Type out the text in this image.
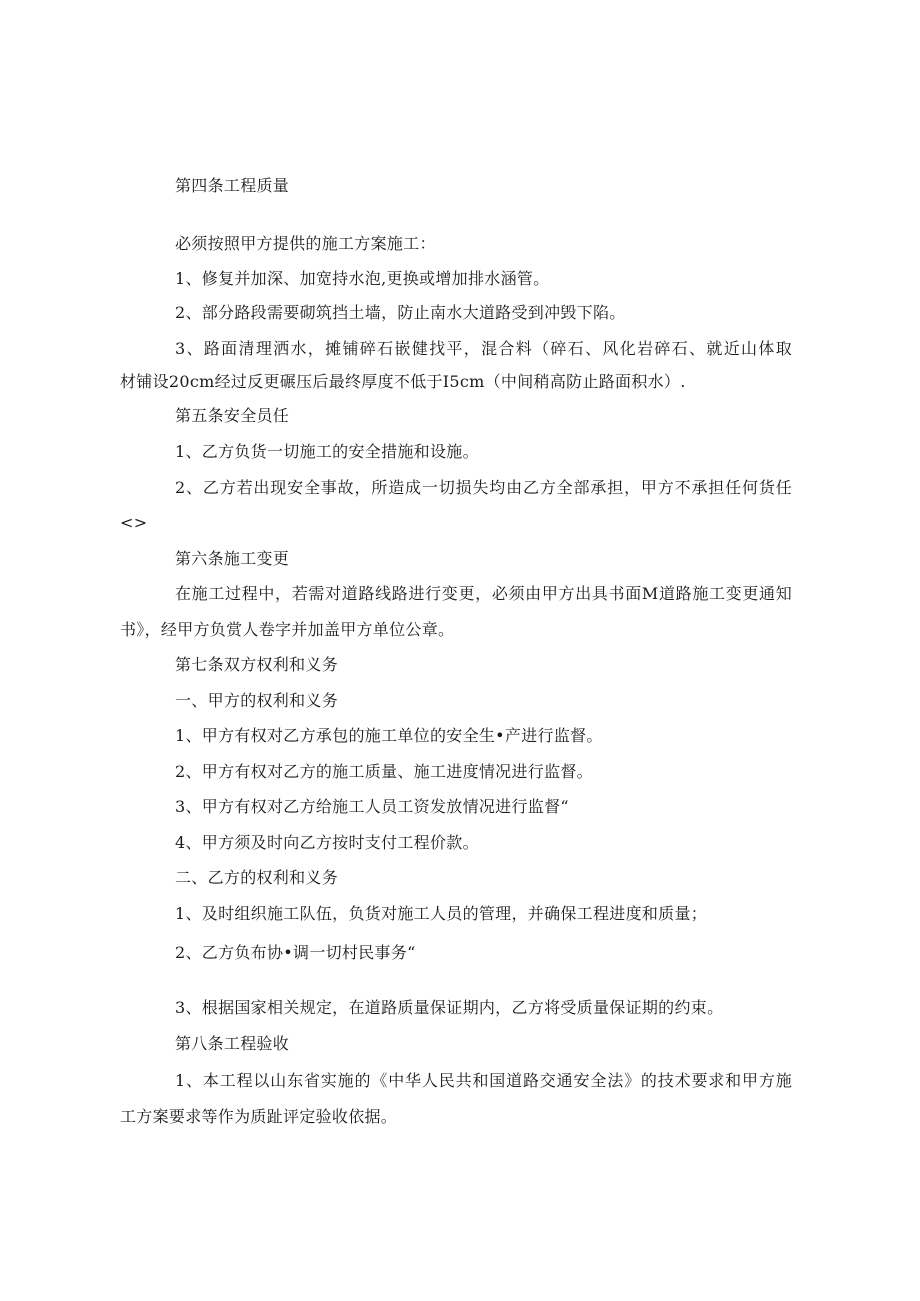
第四条工程质量
必须按照甲方提供的施工方案施工：
1、修复并加深、加宽持水泡,更换或增加排水涵管。
2、部分路段需要砌筑挡土墙，防止南水大道路受到冲毁下陷。
3、路面清理洒水，摊铺碎石嵌健找平，混合料（碎石、风化岩碎石、就近山体取
材铺设20cm经过反更碾压后最终厚度不低于I5cm（中间稍高防止路面积水）.
第五条安全员任
1、乙方负货一切施工的安全措施和设施。
2、乙方若出现安全事故，所造成一切损失均由乙方全部承担，甲方不承担任何货任
<>
第六条施工变更
在施工过程中，若需对道路线路进行变更，必须由甲方出具书面M道路施工变更通知
书》，经甲方负赏人卷字并加盖甲方单位公章。
第七条双方权利和义务
一、甲方的权利和义务
1、甲方有权对乙方承包的施工单位的安全生•产进行监督。
2、甲方有权对乙方的施工质量、施工进度情况进行监督。
3、甲方有权对乙方给施工人员工资发放情况进行监督“
4、甲方须及时向乙方按时支付工程价款。
二、乙方的权利和义务
1、及时组织施工队伍，负货对施工人员的管理，并确保工程进度和质量；
2、乙方负布协•调一切村民事务“
3、根据国家相关规定，在道路质量保证期内，乙方将受质量保证期的约束。
第八条工程验收
1、本工程以山东省实施的《中华人民共和国道路交通安全法》的技术要求和甲方施
工方案要求等作为质趾评定验收依据。
